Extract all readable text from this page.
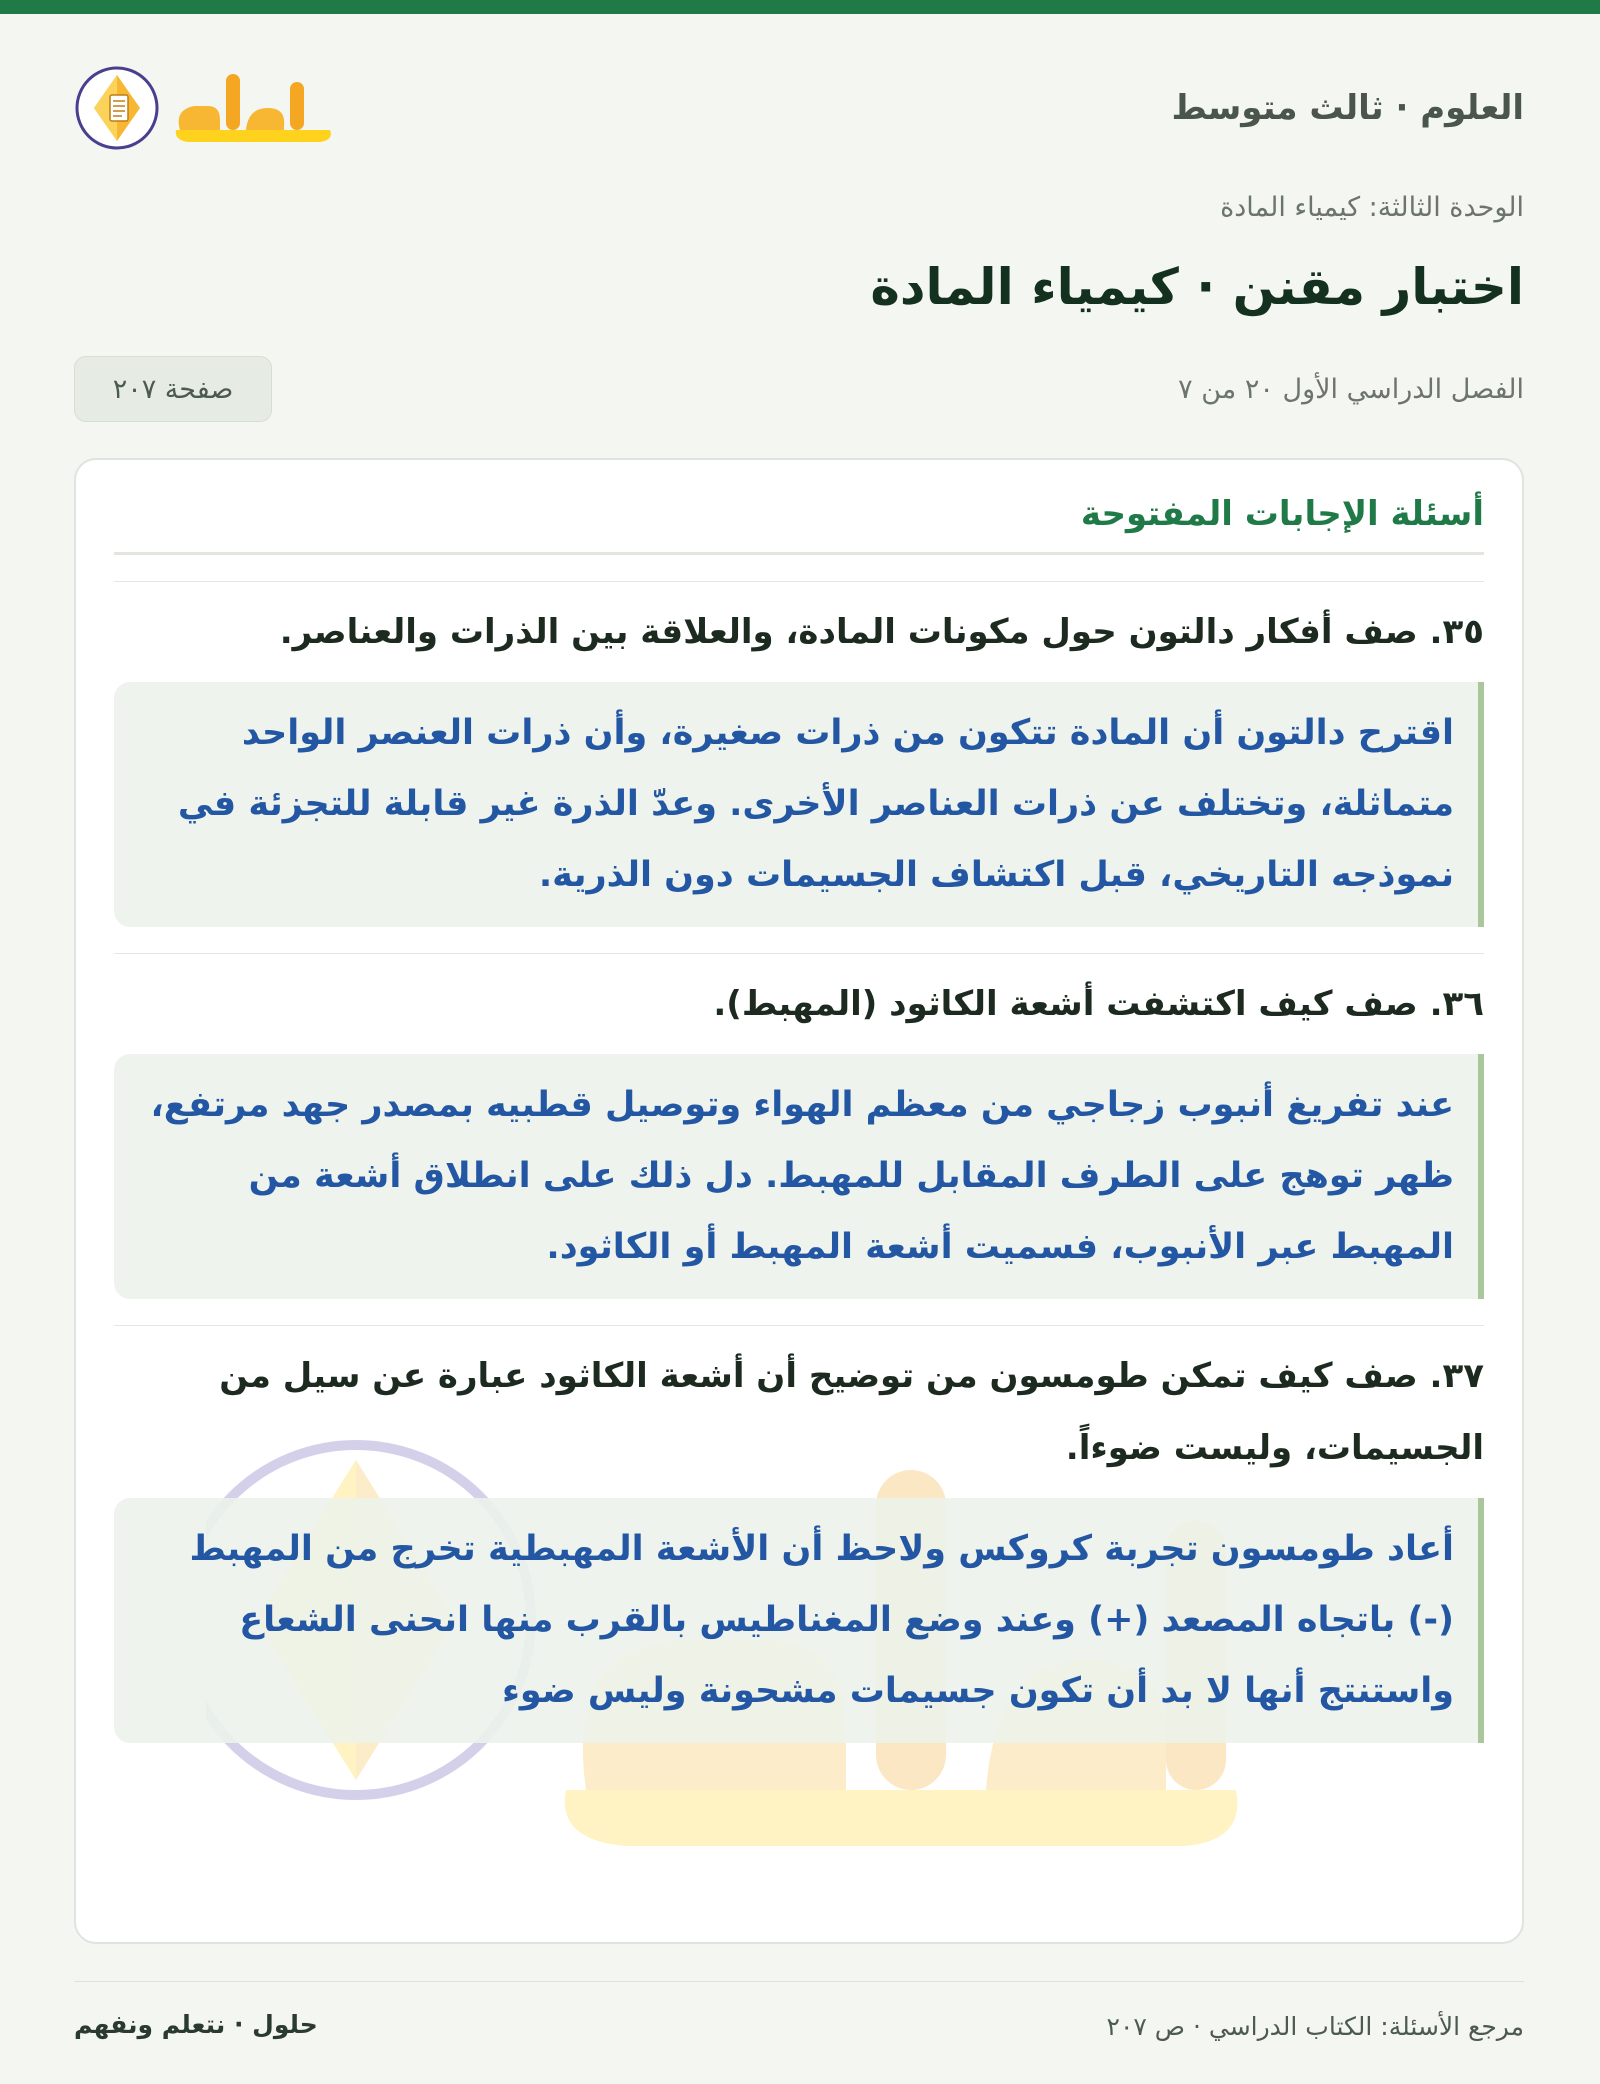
العلوم · ثالث متوسط
الوحدة الثالثة: كيمياء المادة
اختبار مقنن · كيمياء المادة
الفصل الدراسي الأول ٢٠ من ٧
صفحة ٢٠٧
أسئلة الإجابات المفتوحة

٣٥. صف أفكار دالتون حول مكونات المادة، والعلاقة بين الذرات والعناصر.

اقترح دالتون أن المادة تتكون من ذرات صغيرة، وأن ذرات العنصر الواحد متماثلة، وتختلف عن ذرات العناصر الأخرى. وعدّ الذرة غير قابلة للتجزئة في نموذجه التاريخي، قبل اكتشاف الجسيمات دون الذرية.

٣٦. صف كيف اكتشفت أشعة الكاثود (المهبط).

عند تفريغ أنبوب زجاجي من معظم الهواء وتوصيل قطبيه بمصدر جهد مرتفع، ظهر توهج على الطرف المقابل للمهبط. دل ذلك على انطلاق أشعة من المهبط عبر الأنبوب، فسميت أشعة المهبط أو الكاثود.

٣٧. صف كيف تمكن طومسون من توضيح أن أشعة الكاثود عبارة عن سيل من الجسيمات، وليست ضوءاً.

أعاد طومسون تجربة كروكس ولاحظ أن الأشعة المهبطية تخرج من المهبط (-) باتجاه المصعد (+) وعند وضع المغناطيس بالقرب منها انحنى الشعاع واستنتج أنها لا بد أن تكون جسيمات مشحونة وليس ضوء
مرجع الأسئلة: الكتاب الدراسي · ص ٢٠٧
حلول · نتعلم ونفهم
